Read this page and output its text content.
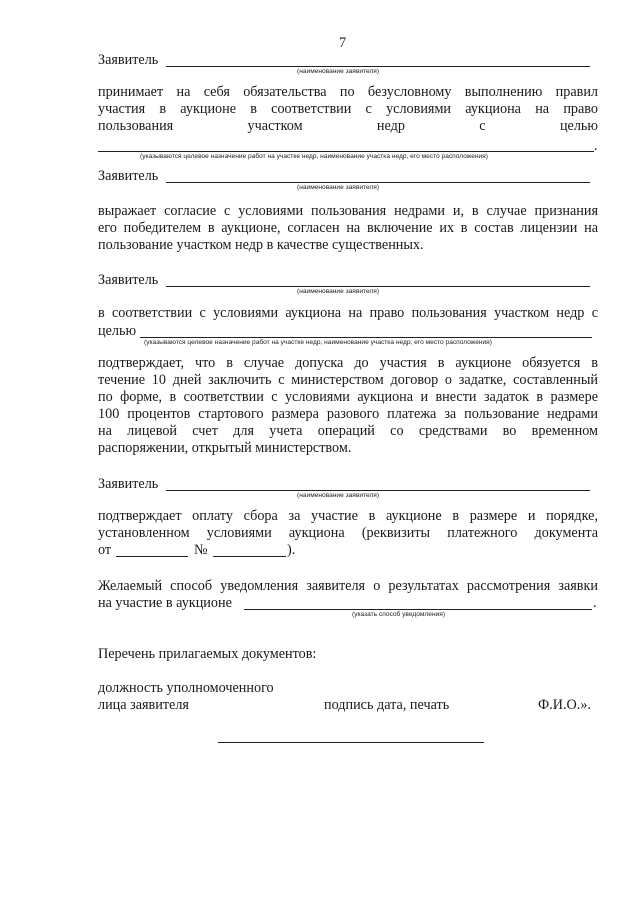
7
Заявитель
(наименование заявителя)
принимает на себя обязательства по безусловному выполнению правил
участия в аукционе в соответствии с условиями аукциона на право
пользования	участком	недр	с	целью
.
(указываются целевое назначение работ на участке недр, наименование участка недр, его место расположения)
Заявитель
(наименование заявителя)
выражает согласие с условиями пользования недрами и, в случае признания
его победителем в аукционе, согласен на включение их в состав лицензии на
пользование участком недр в качестве существенных.
Заявитель
(наименование заявителя)
в соответствии с условиями аукциона на право пользования участком недр с
целью
(указываются целевое назначение работ на участке недр, наименование участка недр, его место расположения)
подтверждает, что в случае допуска до участия в аукционе обязуется в
течение 10 дней заключить с министерством договор о задатке, составленный
по форме, в соответствии с условиями аукциона и внести задаток в размере
100 процентов стартового размера разового платежа за пользование недрами
на лицевой счет для учета операций со средствами во временном
распоряжении, открытый министерством.
Заявитель
(наименование заявителя)
подтверждает оплату сбора за участие в аукционе в размере и порядке,
установленном условиями аукциона (реквизиты платежного документа
от	№	).
Желаемый способ уведомления заявителя о результатах рассмотрения заявки
на участие в аукционе	.
(указать способ уведомления)
Перечень прилагаемых документов:
должность уполномоченного
лица заявителя	подпись дата, печать	Ф.И.О.».
